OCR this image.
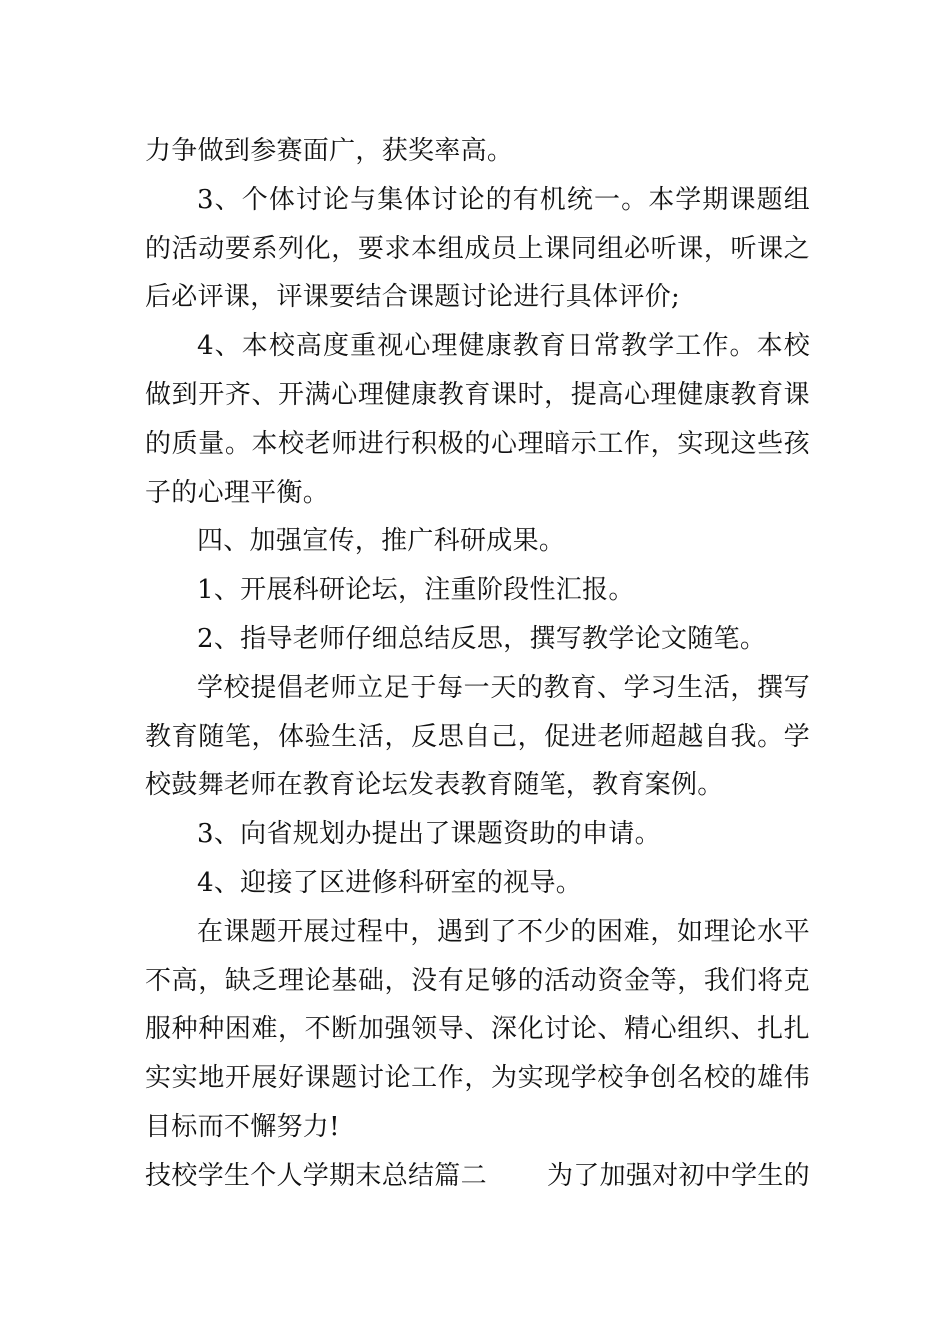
力争做到参赛面广，获奖率高。

3、个体讨论与集体讨论的有机统一。本学期课题组的活动要系列化，要求本组成员上课同组必听课，听课之后必评课，评课要结合课题讨论进行具体评价;

4、本校高度重视心理健康教育日常教学工作。本校做到开齐、开满心理健康教育课时，提高心理健康教育课的质量。本校老师进行积极的心理暗示工作，实现这些孩子的心理平衡。

四、加强宣传，推广科研成果。

1、开展科研论坛，注重阶段性汇报。

2、指导老师仔细总结反思，撰写教学论文随笔。

学校提倡老师立足于每一天的教育、学习生活，撰写教育随笔，体验生活，反思自己，促进老师超越自我。学校鼓舞老师在教育论坛发表教育随笔，教育案例。

3、向省规划办提出了课题资助的申请。

4、迎接了区进修科研室的视导。

在课题开展过程中，遇到了不少的困难，如理论水平不高，缺乏理论基础，没有足够的活动资金等，我们将克服种种困难，不断加强领导、深化讨论、精心组织、扎扎实实地开展好课题讨论工作，为实现学校争创名校的雄伟目标而不懈努力!

技校学生个人学期末总结篇二 为了加强对初中学生的
